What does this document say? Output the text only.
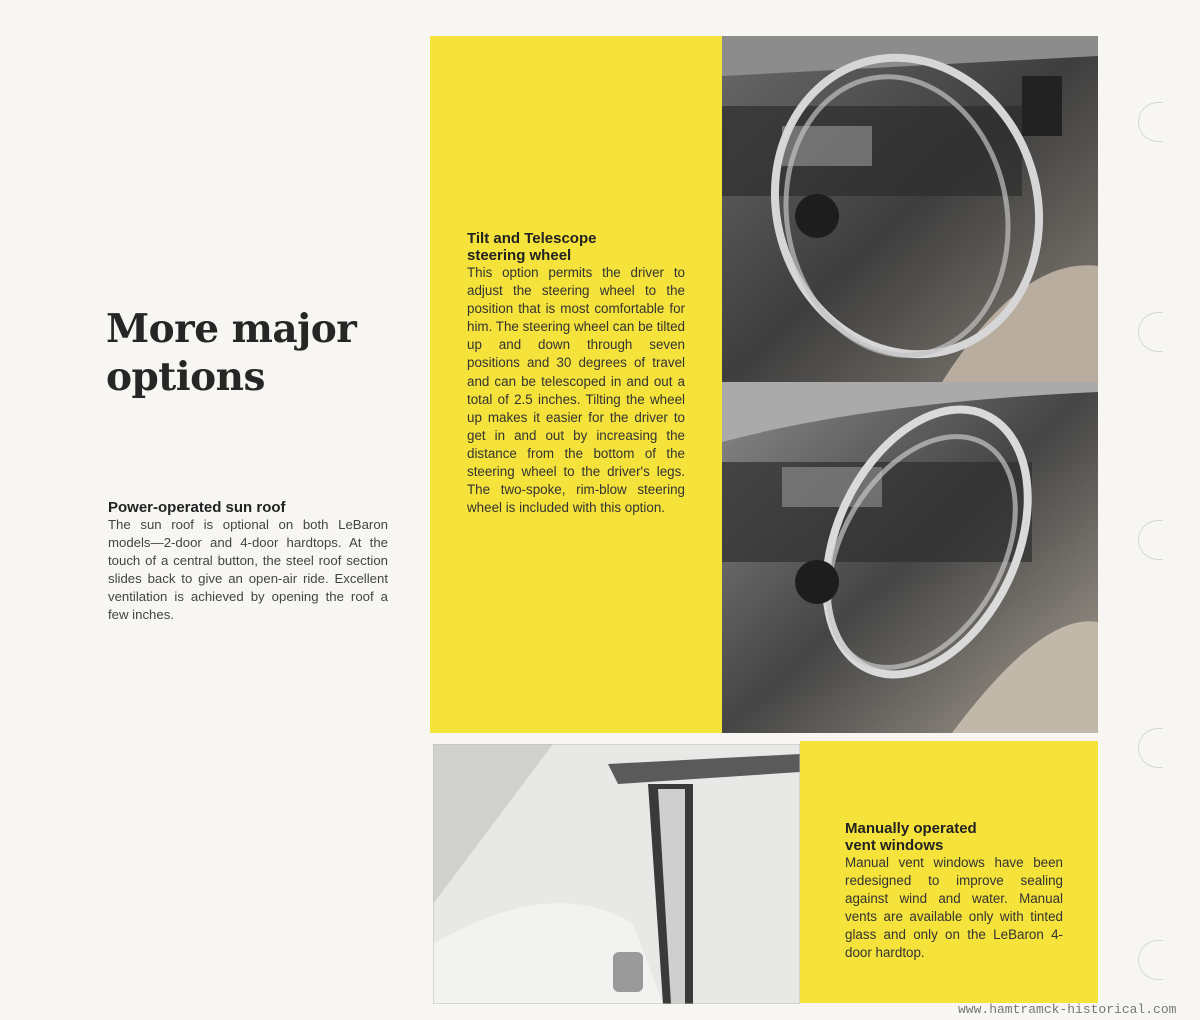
More major
options
Power-operated sun roof

The sun roof is optional on both LeBaron models—2-door and 4-door hardtops. At the touch of a central button, the steel roof section slides back to give an open-air ride. Excellent ventilation is achieved by opening the roof a few inches.

Tilt and Telescope
steering wheel

This option permits the driver to adjust the steering wheel to the position that is most comfortable for him. The steering wheel can be tilted up and down through seven positions and 30 degrees of travel and can be telescoped in and out a total of 2.5 inches. Tilting the wheel up makes it easier for the driver to get in and out by increasing the distance from the bottom of the steering wheel to the driver's legs. The two-spoke, rim-blow steering wheel is included with this option.

Manually operated
vent windows

Manual vent windows have been redesigned to improve sealing against wind and water. Manual vents are available only with tinted glass and only on the LeBaron 4-door hardtop.

www.hamtramck-historical.com
